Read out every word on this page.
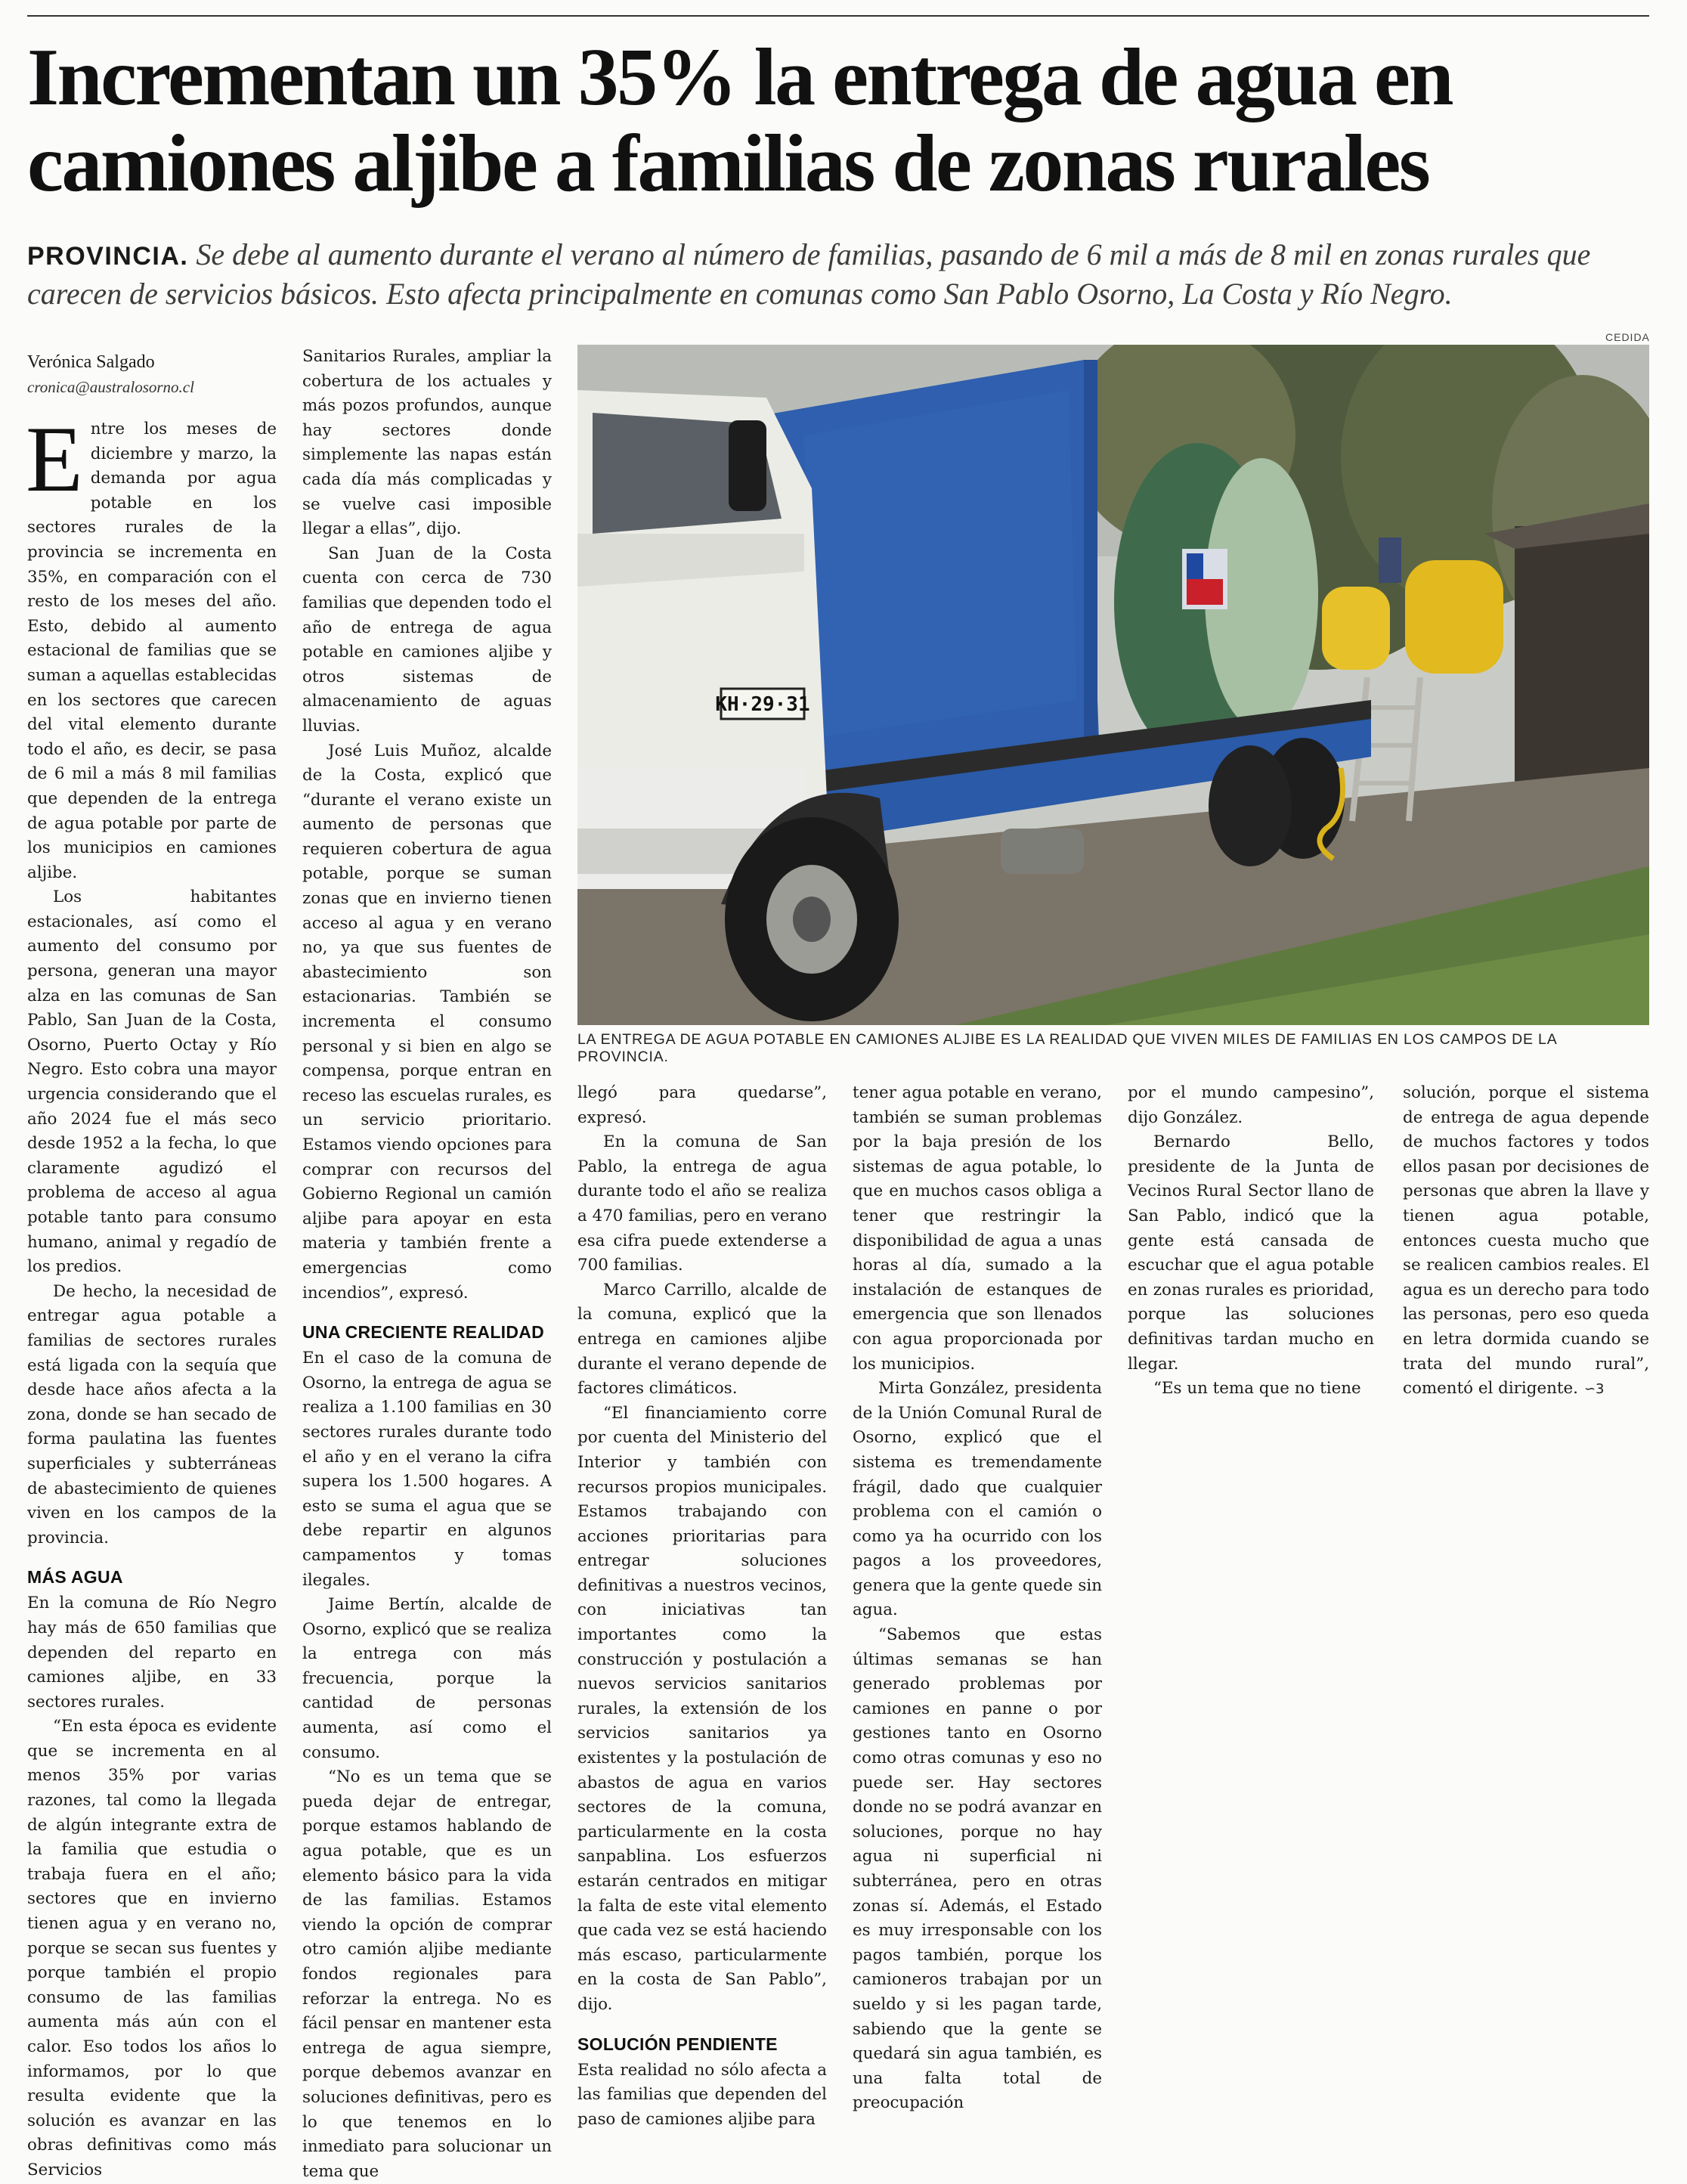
Incrementan un 35% la entrega de agua en camiones aljibe a familias de zonas rurales

PROVINCIA. Se debe al aumento durante el verano al número de familias, pasando de 6 mil a más de 8 mil en zonas rurales que carecen de servicios básicos. Esto afecta principalmente en comunas como San Pablo Osorno, La Costa y Río Negro.

CEDIDA
Verónica Salgado
cronica@australosorno.cl
KH·29·31
LA ENTREGA DE AGUA POTABLE EN CAMIONES ALJIBE ES LA REALIDAD QUE VIVEN MILES DE FAMILIAS EN LOS CAMPOS DE LA PROVINCIA.

Entre los meses de diciembre y marzo, la demanda por agua potable en los sectores rurales de la provincia se incrementa en 35%, en comparación con el resto de los meses del año. Esto, debido al aumento estacional de familias que se suman a aquellas establecidas en los sectores que carecen del vital elemento durante todo el año, es decir, se pasa de 6 mil a más 8 mil familias que dependen de la entrega de agua potable por parte de los municipios en camiones aljibe.

Los habitantes estacionales, así como el aumento del consumo por persona, generan una mayor alza en las comunas de San Pablo, San Juan de la Costa, Osorno, Puerto Octay y Río Negro. Esto cobra una mayor urgencia considerando que el año 2024 fue el más seco desde 1952 a la fecha, lo que claramente agudizó el problema de acceso al agua potable tanto para consumo humano, animal y regadío de los predios.

De hecho, la necesidad de entregar agua potable a familias de sectores rurales está ligada con la sequía que desde hace años afecta a la zona, donde se han secado de forma paulatina las fuentes superficiales y subterráneas de abastecimiento de quienes viven en los campos de la provincia.

MÁS AGUA

En la comuna de Río Negro hay más de 650 familias que dependen del reparto en camiones aljibe, en 33 sectores rurales.

“En esta época es evidente que se incrementa en al menos 35% por varias razones, tal como la llegada de algún integrante extra de la familia que estudia o trabaja fuera en el año; sectores que en invierno tienen agua y en verano no, porque se secan sus fuentes y porque también el propio consumo de las familias aumenta más aún con el calor. Eso todos los años lo informamos, por lo que resulta evidente que la solución es avanzar en las obras definitivas como más Servicios

Sanitarios Rurales, ampliar la cobertura de los actuales y más pozos profundos, aunque hay sectores donde simplemente las napas están cada día más complicadas y se vuelve casi imposible llegar a ellas”, dijo.

San Juan de la Costa cuenta con cerca de 730 familias que dependen todo el año de entrega de agua potable en camiones aljibe y otros sistemas de almacenamiento de aguas lluvias.

José Luis Muñoz, alcalde de la Costa, explicó que “durante el verano existe un aumento de personas que requieren cobertura de agua potable, porque se suman zonas que en invierno tienen acceso al agua y en verano no, ya que sus fuentes de abastecimiento son estacionarias. También se incrementa el consumo personal y si bien en algo se compensa, porque entran en receso las escuelas rurales, es un servicio prioritario. Estamos viendo opciones para comprar con recursos del Gobierno Regional un camión aljibe para apoyar en esta materia y también frente a emergencias como incendios”, expresó.

UNA CRECIENTE REALIDAD

En el caso de la comuna de Osorno, la entrega de agua se realiza a 1.100 familias en 30 sectores rurales durante todo el año y en el verano la cifra supera los 1.500 hogares. A esto se suma el agua que se debe repartir en algunos campamentos y tomas ilegales.

Jaime Bertín, alcalde de Osorno, explicó que se realiza la entrega con más frecuencia, porque la cantidad de personas aumenta, así como el consumo.

“No es un tema que se pueda dejar de entregar, porque estamos hablando de agua potable, que es un elemento básico para la vida de las familias. Estamos viendo la opción de comprar otro camión aljibe mediante fondos regionales para reforzar la entrega. No es fácil pensar en mantener esta entrega de agua siempre, porque debemos avanzar en soluciones definitivas, pero es lo que tenemos en lo inmediato para solucionar un tema que

llegó para quedarse”, expresó.

En la comuna de San Pablo, la entrega de agua durante todo el año se realiza a 470 familias, pero en verano esa cifra puede extenderse a 700 familias.

Marco Carrillo, alcalde de la comuna, explicó que la entrega en camiones aljibe durante el verano depende de factores climáticos.

“El financiamiento corre por cuenta del Ministerio del Interior y también con recursos propios municipales. Estamos trabajando con acciones prioritarias para entregar soluciones definitivas a nuestros vecinos, con iniciativas tan importantes como la construcción y postulación a nuevos servicios sanitarios rurales, la extensión de los servicios sanitarios ya existentes y la postulación de abastos de agua en varios sectores de la comuna, particularmente en la costa sanpablina. Los esfuerzos estarán centrados en mitigar la falta de este vital elemento que cada vez se está haciendo más escaso, particularmente en la costa de San Pablo”, dijo.

SOLUCIÓN PENDIENTE

Esta realidad no sólo afecta a las familias que dependen del paso de camiones aljibe para

tener agua potable en verano, también se suman problemas por la baja presión de los sistemas de agua potable, lo que en muchos casos obliga a tener que restringir la disponibilidad de agua a unas horas al día, sumado a la instalación de estanques de emergencia que son llenados con agua proporcionada por los municipios.

Mirta González, presidenta de la Unión Comunal Rural de Osorno, explicó que el sistema es tremendamente frágil, dado que cualquier problema con el camión o como ya ha ocurrido con los pagos a los proveedores, genera que la gente quede sin agua.

“Sabemos que estas últimas semanas se han generado problemas por camiones en panne o por gestiones tanto en Osorno como otras comunas y eso no puede ser. Hay sectores donde no se podrá avanzar en soluciones, porque no hay agua ni superficial ni subterránea, pero en otras zonas sí. Además, el Estado es muy irresponsable con los pagos también, porque los camioneros trabajan por un sueldo y si les pagan tarde, sabiendo que la gente se quedará sin agua también, es una falta total de preocupación

por el mundo campesino”, dijo González.

Bernardo Bello, presidente de la Junta de Vecinos Rural Sector llano de San Pablo, indicó que la gente está cansada de escuchar que el agua potable en zonas rurales es prioridad, porque las soluciones definitivas tardan mucho en llegar.

“Es un tema que no tiene

solución, porque el sistema de entrega de agua depende de muchos factores y todos ellos pasan por decisiones de personas que abren la llave y tienen agua potable, entonces cuesta mucho que se realicen cambios reales. El agua es un derecho para todo las personas, pero eso queda en letra dormida cuando se trata del mundo rural”, comentó el dirigente. ∽3
